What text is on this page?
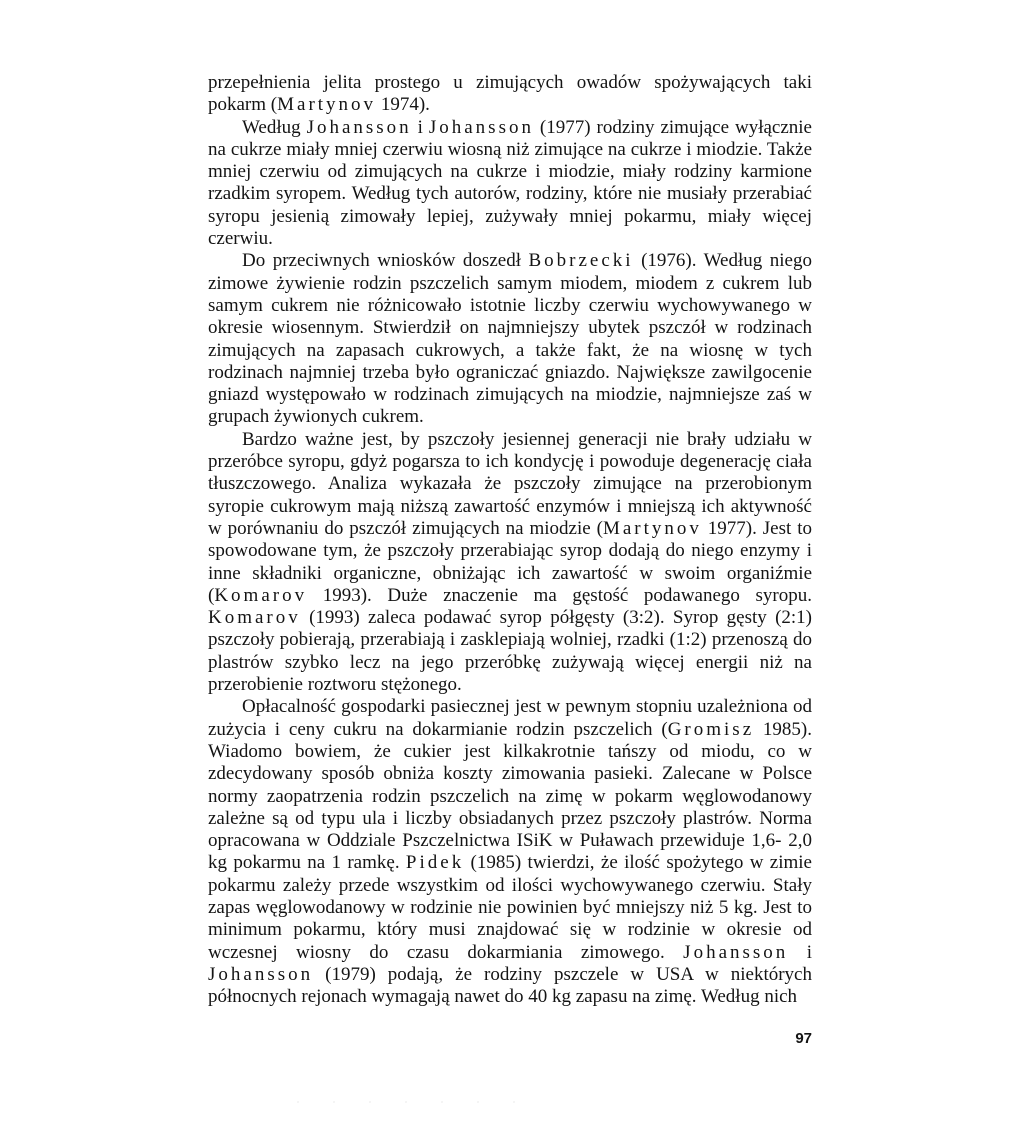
przepełnienia jelita prostego u zimujących owadów spożywających taki pokarm (Martynov 1974).

Według Johansson i Johansson (1977) rodziny zimujące wyłącznie na cukrze miały mniej czerwiu wiosną niż zimujące na cukrze i miodzie. Także mniej czerwiu od zimujących na cukrze i miodzie, miały rodziny karmione rzadkim syropem. Według tych autorów, rodziny, które nie musiały przerabiać syropu jesienią zimowały lepiej, zużywały mniej pokarmu, miały więcej czerwiu.

Do przeciwnych wniosków doszedł Bobrzecki (1976). Według niego zimowe żywienie rodzin pszczelich samym miodem, miodem z cukrem lub samym cukrem nie różnicowało istotnie liczby czerwiu wychowywanego w okresie wiosennym. Stwierdził on najmniejszy ubytek pszczół w rodzinach zimujących na zapasach cukrowych, a także fakt, że na wiosnę w tych rodzinach najmniej trzeba było ograniczać gniazdo. Największe zawilgocenie gniazd występowało w rodzinach zimujących na miodzie, najmniejsze zaś w grupach żywionych cukrem.

Bardzo ważne jest, by pszczoły jesiennej generacji nie brały udziału w przeróbce syropu, gdyż pogarsza to ich kondycję i powoduje degenerację ciała tłuszczowego. Analiza wykazała że pszczoły zimujące na przerobionym syropie cukrowym mają niższą zawartość enzymów i mniejszą ich aktywność w porównaniu do pszczół zimujących na miodzie (Martynov 1977). Jest to spowodowane tym, że pszczoły przerabiając syrop dodają do niego enzymy i inne składniki organiczne, obniżając ich zawartość w swoim organiźmie (Komarov 1993). Duże znaczenie ma gęstość podawanego syropu. Komarov (1993) zaleca podawać syrop półgęsty (3:2). Syrop gęsty (2:1) pszczoły pobierają, przerabiają i zasklepiają wolniej, rzadki (1:2) przenoszą do plastrów szybko lecz na jego przeróbkę zużywają więcej energii niż na przerobienie roztworu stężonego.

Opłacalność gospodarki pasiecznej jest w pewnym stopniu uzależniona od zużycia i ceny cukru na dokarmianie rodzin pszczelich (Gromisz 1985). Wiadomo bowiem, że cukier jest kilkakrotnie tańszy od miodu, co w zdecydowany sposób obniża koszty zimowania pasieki. Zalecane w Polsce normy zaopatrzenia rodzin pszczelich na zimę w pokarm węglowodanowy zależne są od typu ula i liczby obsiadanych przez pszczoły plastrów. Norma opracowana w Oddziale Pszczelnictwa ISiK w Puławach przewiduje 1,6- 2,0 kg pokarmu na 1 ramkę. Pidek (1985) twierdzi, że ilość spożytego w zimie pokarmu zależy przede wszystkim od ilości wychowywanego czerwiu. Stały zapas węglowodanowy w rodzinie nie powinien być mniejszy niż 5 kg. Jest to minimum pokarmu, który musi znajdować się w rodzinie w okresie od wczesnej wiosny do czasu dokarmiania zimowego. Johansson i Johansson (1979) podają, że rodziny pszczele w USA w niektórych północnych rejonach wymagają nawet do 40 kg zapasu na zimę. Według nich

97
